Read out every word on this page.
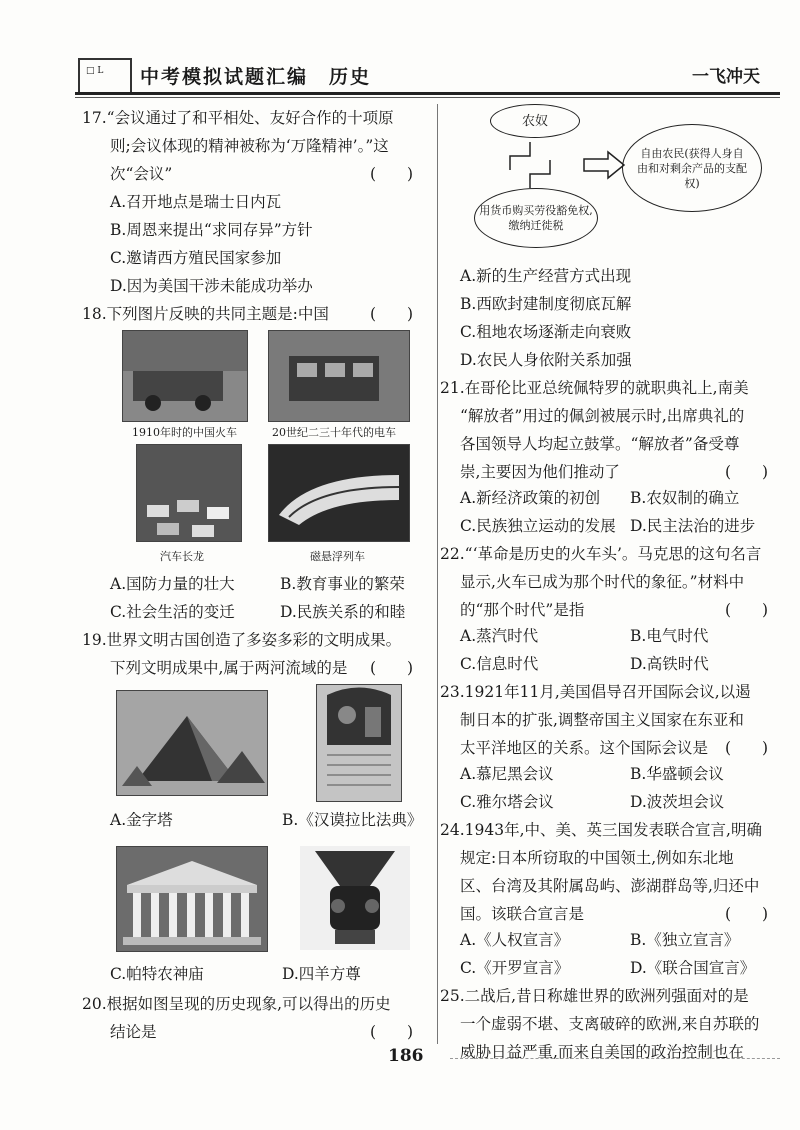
□ L 中考模拟试题汇编　历史	一飞冲天

17.“会议通过了和平相处、友好合作的十项原

则;会议体现的精神被称为‘万隆精神’。”这

次“会议”

A.召开地点是瑞士日内瓦

B.周恩来提出“求同存异”方针

C.邀请西方殖民国家参加

D.因为美国干涉未能成功举办

(　　)
18.下列图片反映的共同主题是:中国	(　　)
1910年时的中国火车	20世纪二三十年代的电车
汽车长龙	磁悬浮列车
A.国防力量的壮大	B.教育事业的繁荣
C.社会生活的变迁	D.民族关系的和睦

19.世界文明古国创造了多姿多彩的文明成果。

下列文明成果中,属于两河流域的是	(　　)
A.金字塔	B.《汉谟拉比法典》
C.帕特农神庙	D.四羊方尊

20.根据如图呈现的历史现象,可以得出的历史

结论是	(　　)
农奴
用货币购买劳役豁免权,缴纳迁徙税
自由农民(获得人身自由和对剩余产品的支配权)

A.新的生产经营方式出现

B.西欧封建制度彻底瓦解

C.租地农场逐渐走向衰败

D.农民人身依附关系加强

21.在哥伦比亚总统佩特罗的就职典礼上,南美

“解放者”用过的佩剑被展示时,出席典礼的

各国领导人均起立鼓掌。“解放者”备受尊

崇,主要因为他们推动了	(　　)
A.新经济政策的初创 B.农奴制的确立
C.民族独立运动的发展 D.民主法治的进步

22.“‘革命是历史的火车头’。马克思的这句名言

显示,火车已成为那个时代的象征。”材料中

的“那个时代”是指	(　　)
A.蒸汽时代	B.电气时代
C.信息时代	D.高铁时代

23.1921年11月,美国倡导召开国际会议,以遏

制日本的扩张,调整帝国主义国家在东亚和

太平洋地区的关系。这个国际会议是	(　　)
A.慕尼黑会议	B.华盛顿会议
C.雅尔塔会议	D.波茨坦会议

24.1943年,中、美、英三国发表联合宣言,明确

规定:日本所窃取的中国领土,例如东北地

区、台湾及其附属岛屿、澎湖群岛等,归还中

国。该联合宣言是	(　　)
A.《人权宣言》	B.《独立宣言》
C.《开罗宣言》	D.《联合国宣言》

25.二战后,昔日称雄世界的欧洲列强面对的是

一个虚弱不堪、支离破碎的欧洲,来自苏联的

威胁日益严重,而来自美国的政治控制也在

186
